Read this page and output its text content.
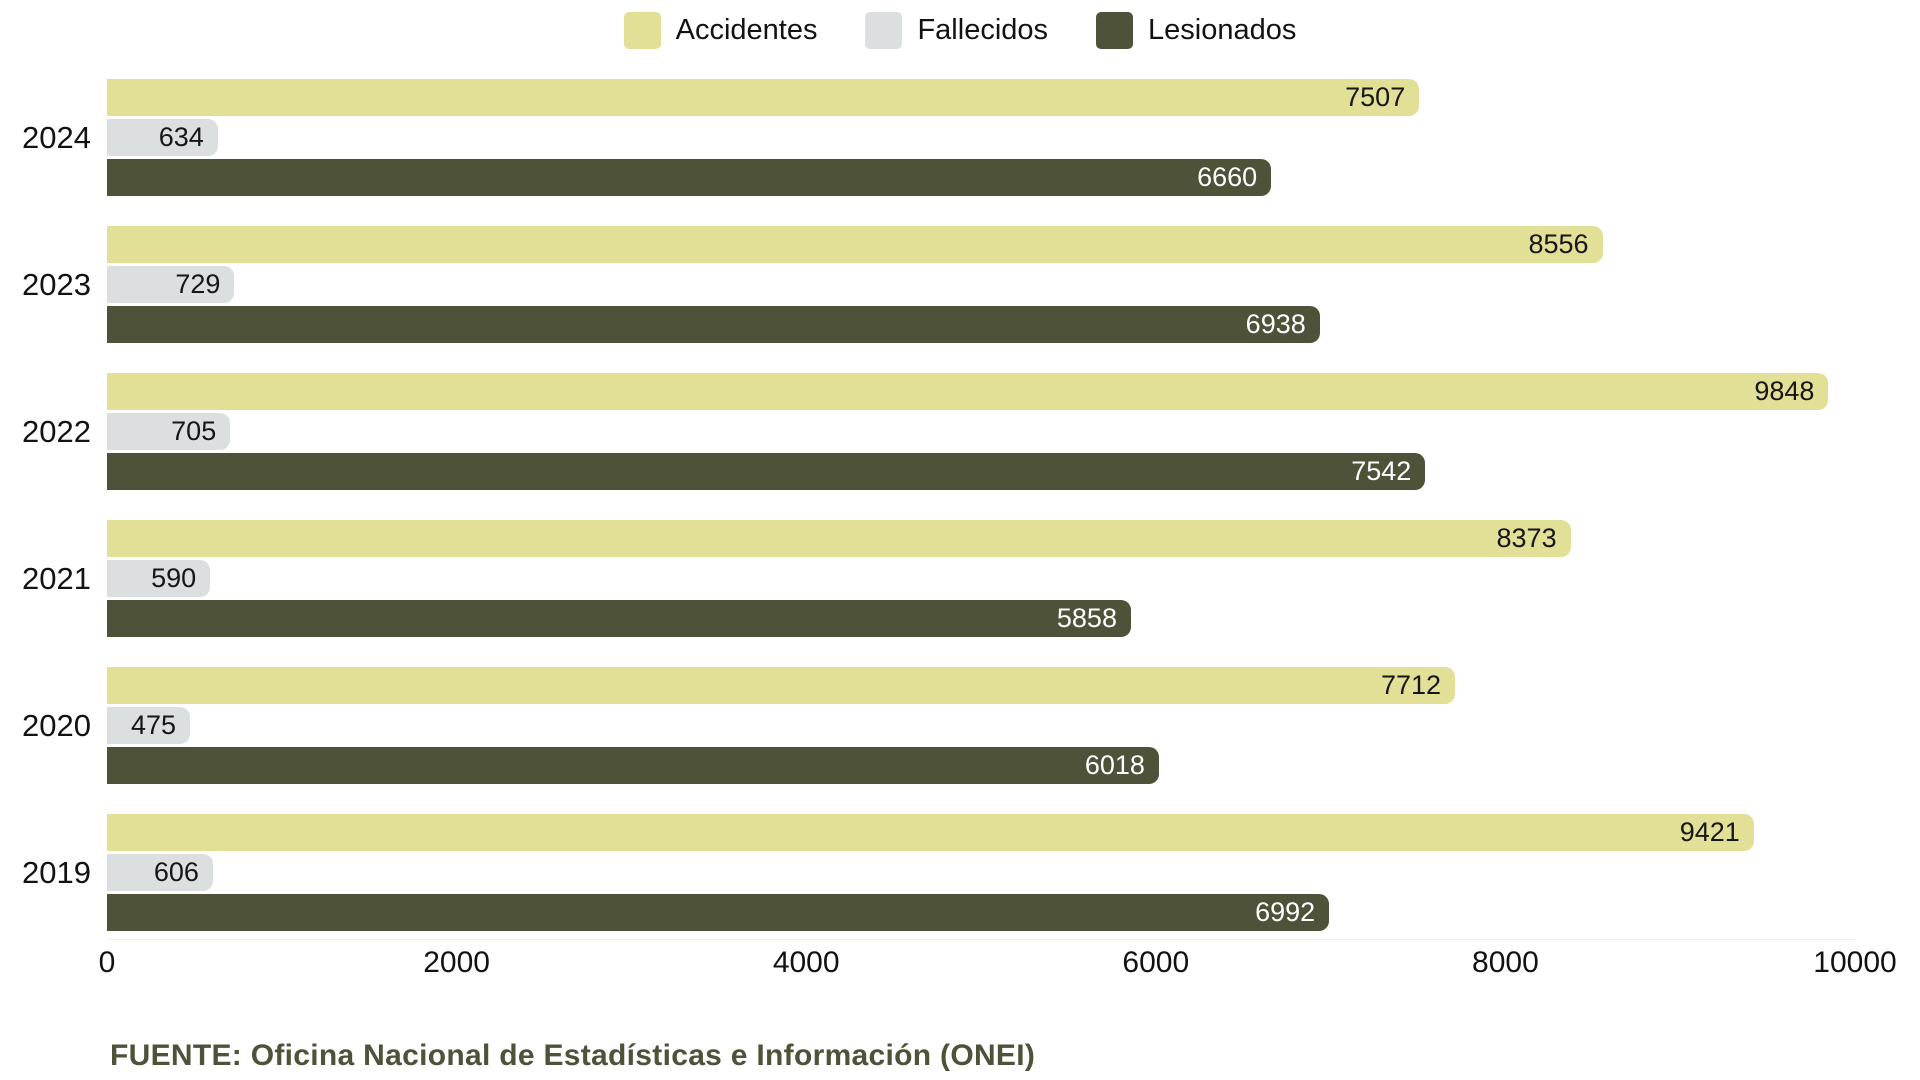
Accidentes	Fallecidos	Lesionados
2024
7507
634
6660
2023
8556
729
6938
2022
9848
705
7542
2021
8373
590
5858
2020
7712
475
6018
2019
9421
606
6992
0	2000	4000	6000	8000	10000
FUENTE: Oficina Nacional de Estadísticas e Información (ONEI)
